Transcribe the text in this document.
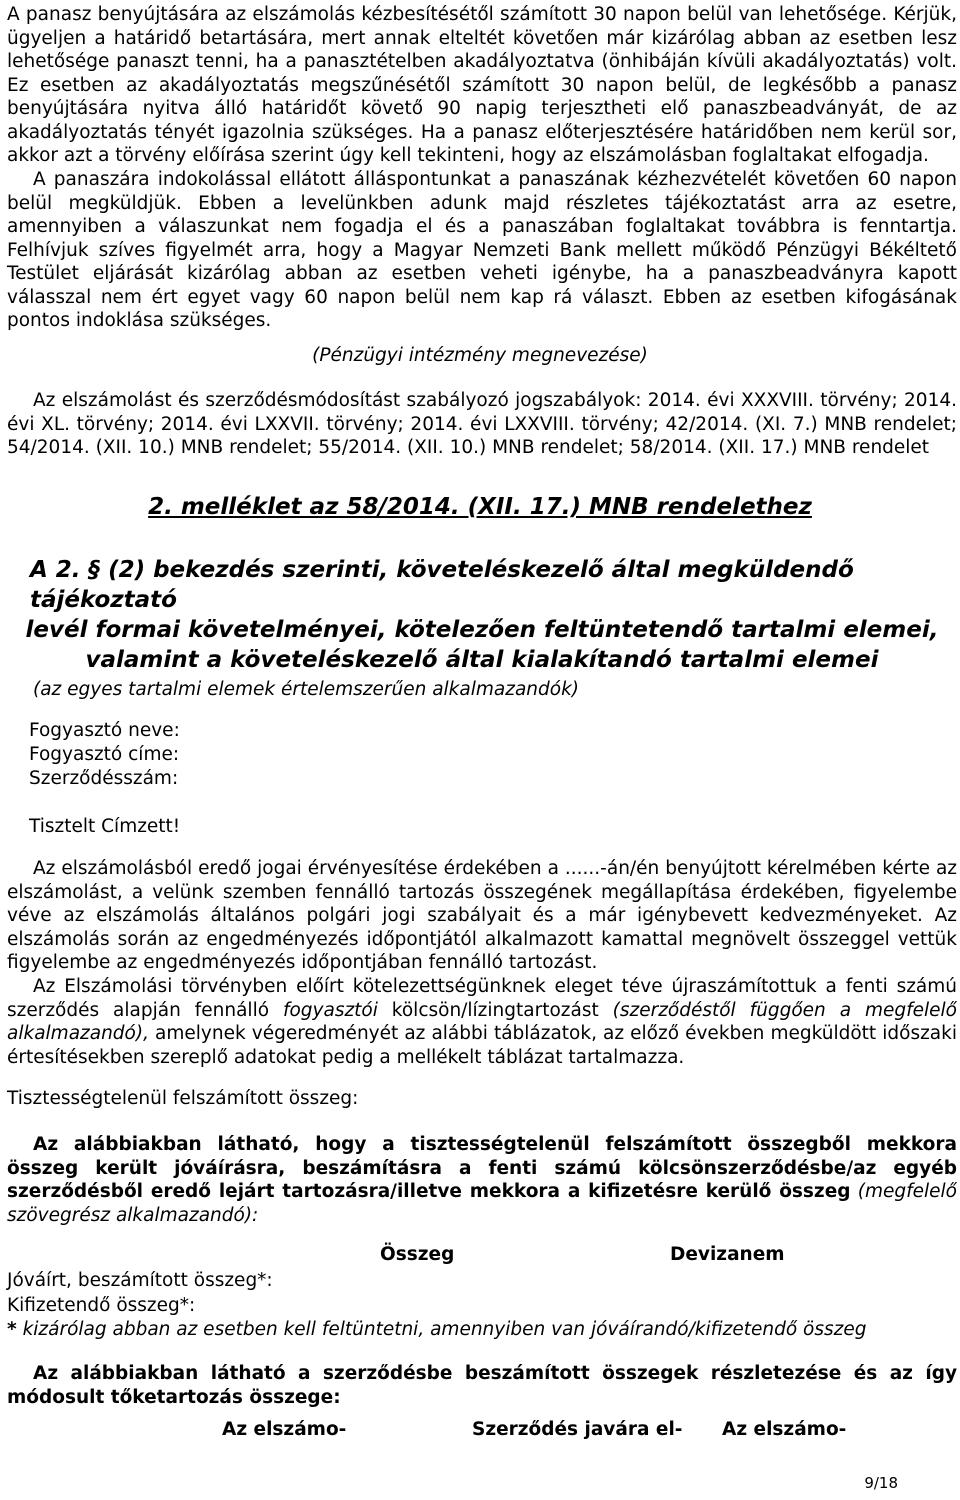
A panasz benyújtására az elszámolás kézbesítésétől számított 30 napon belül van lehetősége. Kérjük, ügyeljen a határidő betartására, mert annak elteltét követően már kizárólag abban az esetben lesz lehetősége panaszt tenni, ha a panasztételben akadályoztatva (önhibáján kívüli akadályoztatás) volt. Ez esetben az akadályoztatás megszűnésétől számított 30 napon belül, de legkésőbb a panasz benyújtására nyitva álló határidőt követő 90 napig terjesztheti elő panaszbeadványát, de az akadályoztatás tényét igazolnia szükséges. Ha a panasz előterjesztésére határidőben nem kerül sor, akkor azt a törvény előírása szerint úgy kell tekinteni, hogy az elszámolásban foglaltakat elfogadja.

A panaszára indokolással ellátott álláspontunkat a panaszának kézhezvételét követően 60 napon belül megküldjük. Ebben a levelünkben adunk majd részletes tájékoztatást arra az esetre, amennyiben a válaszunkat nem fogadja el és a panaszában foglaltakat továbbra is fenntartja. Felhívjuk szíves figyelmét arra, hogy a Magyar Nemzeti Bank mellett működő Pénzügyi Békéltető Testület eljárását kizárólag abban az esetben veheti igénybe, ha a panaszbeadványra kapott válasszal nem ért egyet vagy 60 napon belül nem kap rá választ. Ebben az esetben kifogásának pontos indoklása szükséges.

(Pénzügyi intézmény megnevezése)

Az elszámolást és szerződésmódosítást szabályozó jogszabályok: 2014. évi XXXVIII. törvény; 2014. évi XL. törvény; 2014. évi LXXVII. törvény; 2014. évi LXXVIII. törvény; 42/2014. (XI. 7.) MNB rendelet; 54/2014. (XII. 10.) MNB rendelet; 55/2014. (XII. 10.) MNB rendelet; 58/2014. (XII. 17.) MNB rendelet

2. melléklet az 58/2014. (XII. 17.) MNB rendelethez
A 2. § (2) bekezdés szerinti, követeléskezelő által megküldendő tájékoztató
levél formai követelményei, kötelezően feltüntetendő tartalmi elemei, valamint a követeléskezelő által kialakítandó tartalmi elemei
(az egyes tartalmi elemek értelemszerűen alkalmazandók)
Fogyasztó neve:
Fogyasztó címe:
Szerződésszám:
Tisztelt Címzett!

Az elszámolásból eredő jogai érvényesítése érdekében a ......-án/én benyújtott kérelmében kérte az elszámolást, a velünk szemben fennálló tartozás összegének megállapítása érdekében, figyelembe véve az elszámolás általános polgári jogi szabályait és a már igénybevett kedvezményeket. Az elszámolás során az engedményezés időpontjától alkalmazott kamattal megnövelt összeggel vettük figyelembe az engedményezés időpontjában fennálló tartozást.

Az Elszámolási törvényben előírt kötelezettségünknek eleget téve újraszámítottuk a fenti számú szerződés alapján fennálló fogyasztói kölcsön/lízingtartozást (szerződéstől függően a megfelelő alkalmazandó), amelynek végeredményét az alábbi táblázatok, az előző években megküldött időszaki értesítésekben szereplő adatokat pedig a mellékelt táblázat tartalmazza.

Tisztességtelenül felszámított összeg:

Az alábbiakban látható, hogy a tisztességtelenül felszámított összegből mekkora összeg került jóváírásra, beszámításra a fenti számú kölcsönszerződésbe/az egyéb szerződésből eredő lejárt tartozásra/illetve mekkora a kifizetésre kerülő összeg (megfelelő szövegrész alkalmazandó):

Összeg	Devizanem
Jóváírt, beszámított összeg*:
Kifizetendő összeg*:
* kizárólag abban az esetben kell feltüntetni, amennyiben van jóváírandó/kifizetendő összeg

Az alábbiakban látható a szerződésbe beszámított összegek részletezése és az így módosult tőketartozás összege:

Az elszámo-	Szerződés javára el- Az elszámo-
9/18
